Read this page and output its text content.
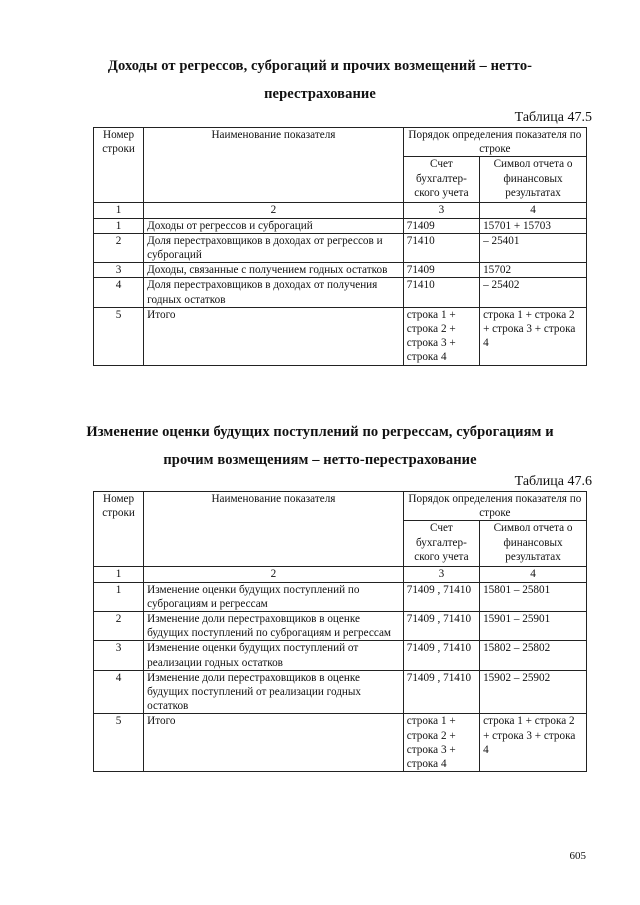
Доходы от регрессов, суброгаций и прочих возмещений – нетто-
перестрахование
Таблица 47.5
Номер строки	Наименование показателя	Порядок определения показателя по строке	
		Счет бухгалтер-ского учета	Символ отчета о финансовых результатах
1	2	3	4
1	Доходы от регрессов и суброгаций	71409	15701 + 15703
2	Доля перестраховщиков в доходах от регрессов и суброгаций	71410	– 25401
3	Доходы, связанные с получением годных остатков	71409	15702
4	Доля перестраховщиков в доходах от получения годных остатков	71410	– 25402
5	Итого	строка 1 + строка 2 + строка 3 + строка 4	строка 1 + строка 2 + строка 3 + строка 4
Изменение оценки будущих поступлений по регрессам, суброгациям и
прочим возмещениям – нетто-перестрахование
Таблица 47.6
Номер строки	Наименование показателя	Порядок определения показателя по строке	
		Счет бухгалтер-ского учета	Символ отчета о финансовых результатах
1	2	3	4
1	Изменение оценки будущих поступлений по суброгациям и регрессам	71409 , 71410	15801 – 25801
2	Изменение доли перестраховщиков в оценке будущих поступлений по суброгациям и регрессам	71409 , 71410	15901 – 25901
3	Изменение оценки будущих поступлений от реализации годных остатков	71409 , 71410	15802 – 25802
4	Изменение доли перестраховщиков в оценке будущих поступлений от реализации годных остатков	71409 , 71410	15902 – 25902
5	Итого	строка 1 + строка 2 + строка 3 + строка 4	строка 1 + строка 2 + строка 3 + строка 4
605
